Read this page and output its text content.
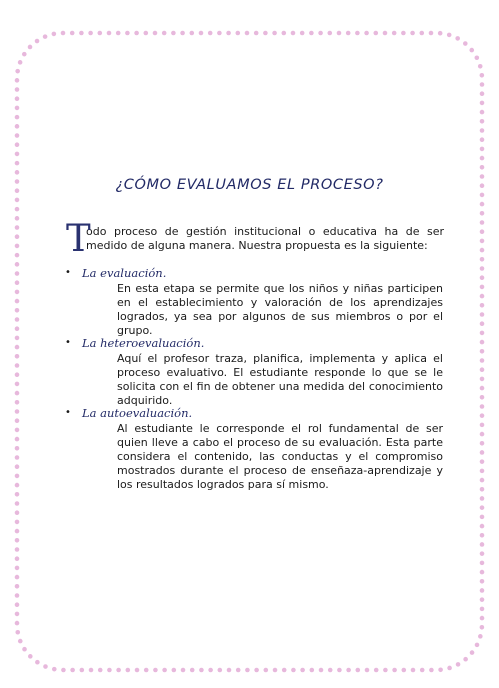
¿CÓMO EVALUAMOS EL PROCESO?
T

odo proceso de gestión institucional o educativa ha de ser medido de alguna manera. Nuestra propuesta es la siguiente:

• La evaluación.

En esta etapa se permite que los niños y niñas participen en el establecimiento y valoración de los aprendizajes logrados, ya sea por algunos de sus miembros o por el grupo.

• La heteroevaluación.

Aquí el profesor traza, planifica, implementa y aplica el proceso evaluativo. El estudiante responde lo que se le solicita con el fin de obtener una medida del conocimiento adquirido.

• La autoevaluación.

Al estudiante le corresponde el rol fundamental de ser quien lleve a cabo el proceso de su evaluación. Esta parte considera el contenido, las conductas y el compromiso mostrados durante el proceso de enseñaza-aprendizaje y los resultados logrados para sí mismo.
